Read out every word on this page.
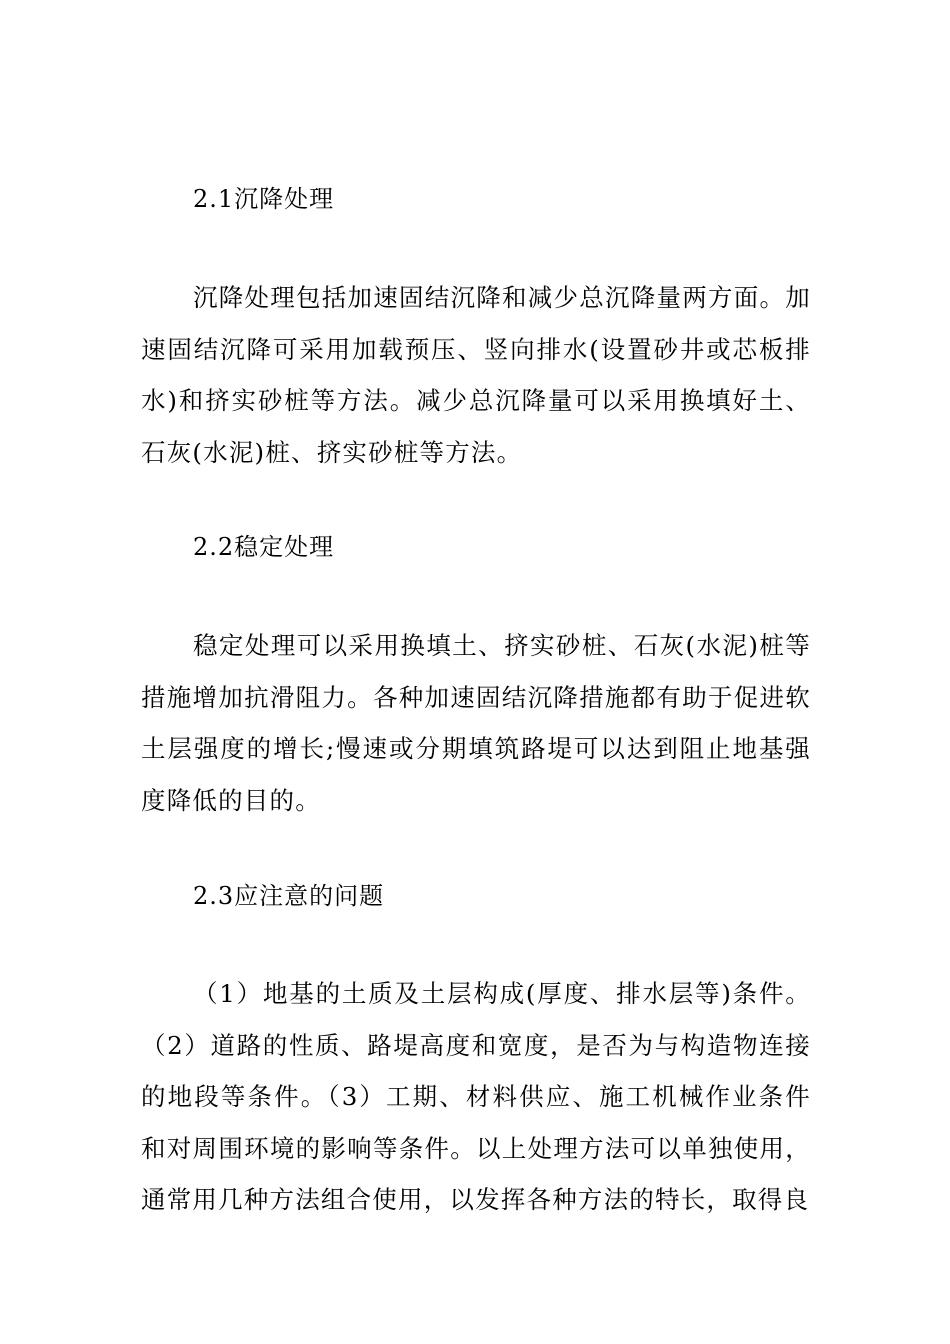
2.1沉降处理
沉降处理包括加速固结沉降和减少总沉降量两方面。加速固结沉降可采用加载预压、竖向排水(设置砂井或芯板排水)和挤实砂桩等方法。减少总沉降量可以采用换填好土、石灰(水泥)桩、挤实砂桩等方法。
2.2稳定处理
稳定处理可以采用换填土、挤实砂桩、石灰(水泥)桩等措施增加抗滑阻力。各种加速固结沉降措施都有助于促进软土层强度的增长;慢速或分期填筑路堤可以达到阻止地基强度降低的目的。
2.3应注意的问题
（1）地基的土质及土层构成(厚度、排水层等)条件。（2）道路的性质、路堤高度和宽度，是否为与构造物连接的地段等条件。（3）工期、材料供应、施工机械作业条件和对周围环境的影响等条件。以上处理方法可以单独使用，通常用几种方法组合使用，以发挥各种方法的特长，取得良
